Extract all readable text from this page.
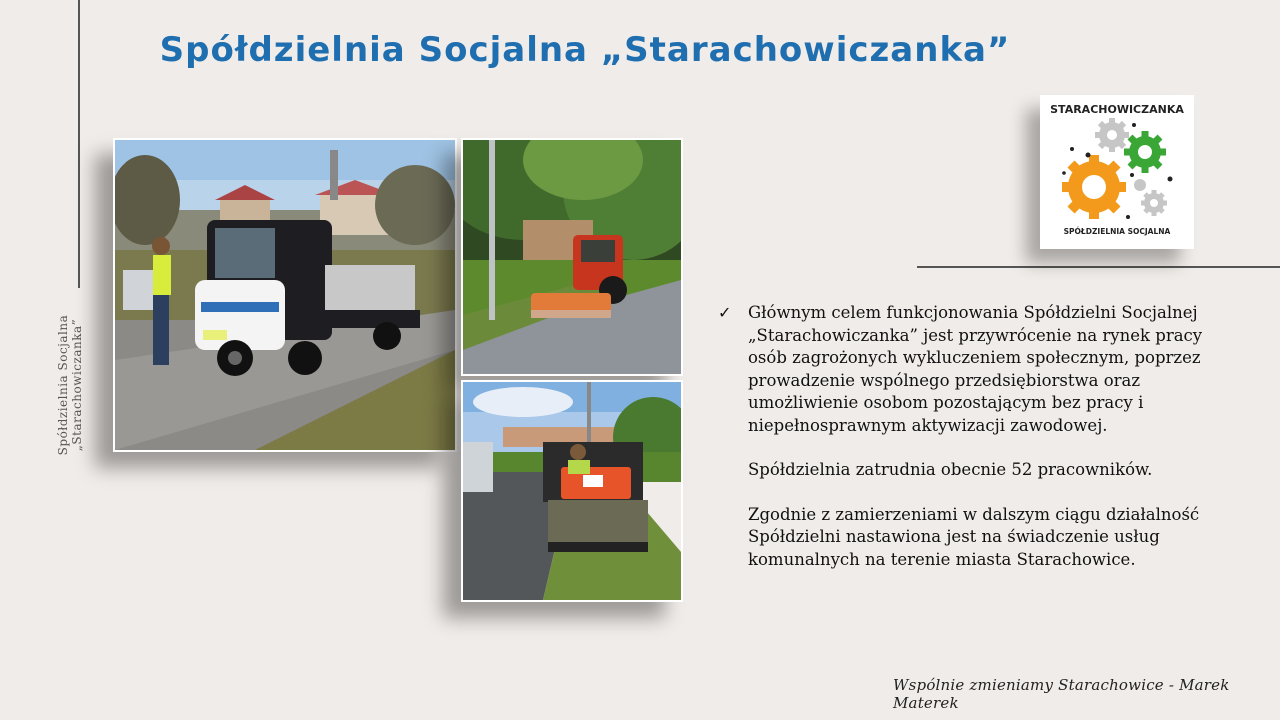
Spółdzielnia Socjalna „Starachowiczanka”
Spółdzielnia Socjalna „Starachowiczanka”
STARACHOWICZANKA
SPÓŁDZIELNIA SOCJALNA
✓ Głównym celem funkcjonowania Spółdzielni Socjalnej „Starachowiczanka” jest przywrócenie na rynek pracy osób zagrożonych wykluczeniem społecznym, poprzez prowadzenie wspólnego przedsiębiorstwa oraz umożliwienie osobom pozostającym bez pracy i niepełnosprawnym aktywizacji zawodowej.

Spółdzielnia zatrudnia obecnie 52 pracowników.

Zgodnie z zamierzeniami w dalszym ciągu działalność Spółdzielni nastawiona jest na świadczenie usług komunalnych na terenie miasta Starachowice.

Wspólnie zmieniamy Starachowice - Marek Materek
